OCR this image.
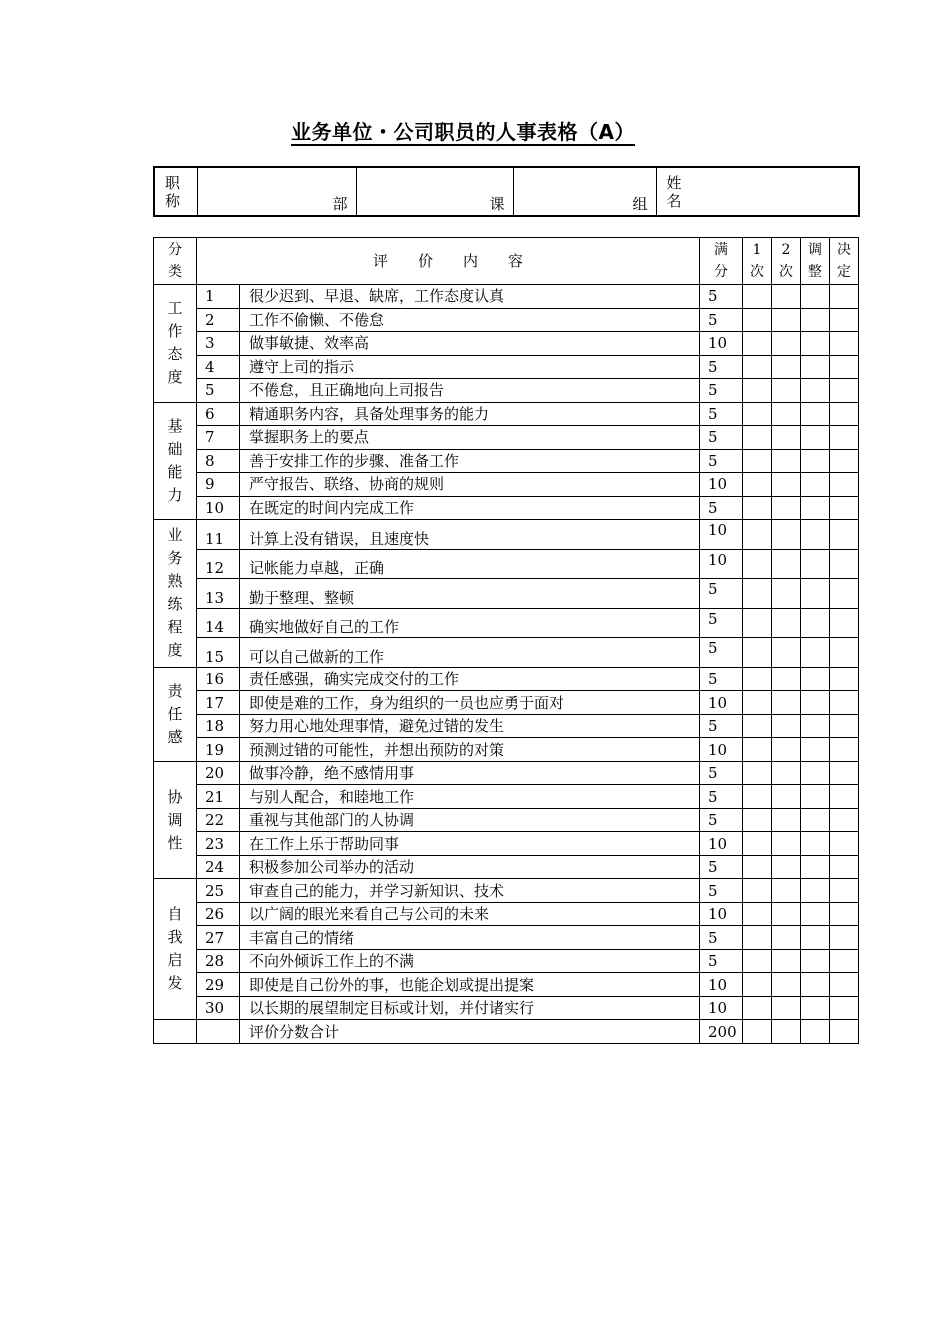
业务单位・公司职员的人事表格（A）
职称	部	课	组	姓名
分类	评　　价　　内　　容		满分	1次	2次	调整	决定
工作态度	1	很少迟到、早退、缺席，工作态度认真	5				
	2	工作不偷懒、不倦怠	5				
	3	做事敏捷、效率高	10				
	4	遵守上司的指示	5				
	5	不倦怠，且正确地向上司报告	5				
基础能力	6	精通职务内容，具备处理事务的能力	5				
	7	掌握职务上的要点	5				
	8	善于安排工作的步骤、准备工作	5				
	9	严守报告、联络、协商的规则	10				
	10	在既定的时间内完成工作	5				
业务熟练程度	11	计算上没有错误，且速度快	10				
	12	记帐能力卓越，正确	10				
	13	勤于整理、整顿	5				
	14	确实地做好自己的工作	5				
	15	可以自己做新的工作	5				
责任感	16	责任感强，确实完成交付的工作	5				
	17	即使是难的工作，身为组织的一员也应勇于面对	10				
	18	努力用心地处理事情，避免过错的发生	5				
	19	预测过错的可能性，并想出预防的对策	10				
协调性	20	做事冷静，绝不感情用事	5				
	21	与别人配合，和睦地工作	5				
	22	重视与其他部门的人协调	5				
	23	在工作上乐于帮助同事	10				
	24	积极参加公司举办的活动	5				
自我启发	25	审查自己的能力，并学习新知识、技术	5				
	26	以广阔的眼光来看自己与公司的未来	10				
	27	丰富自己的情绪	5				
	28	不向外倾诉工作上的不满	5				
	29	即使是自己份外的事，也能企划或提出提案	10				
	30	以长期的展望制定目标或计划，并付诸实行	10				
		评价分数合计	200				
